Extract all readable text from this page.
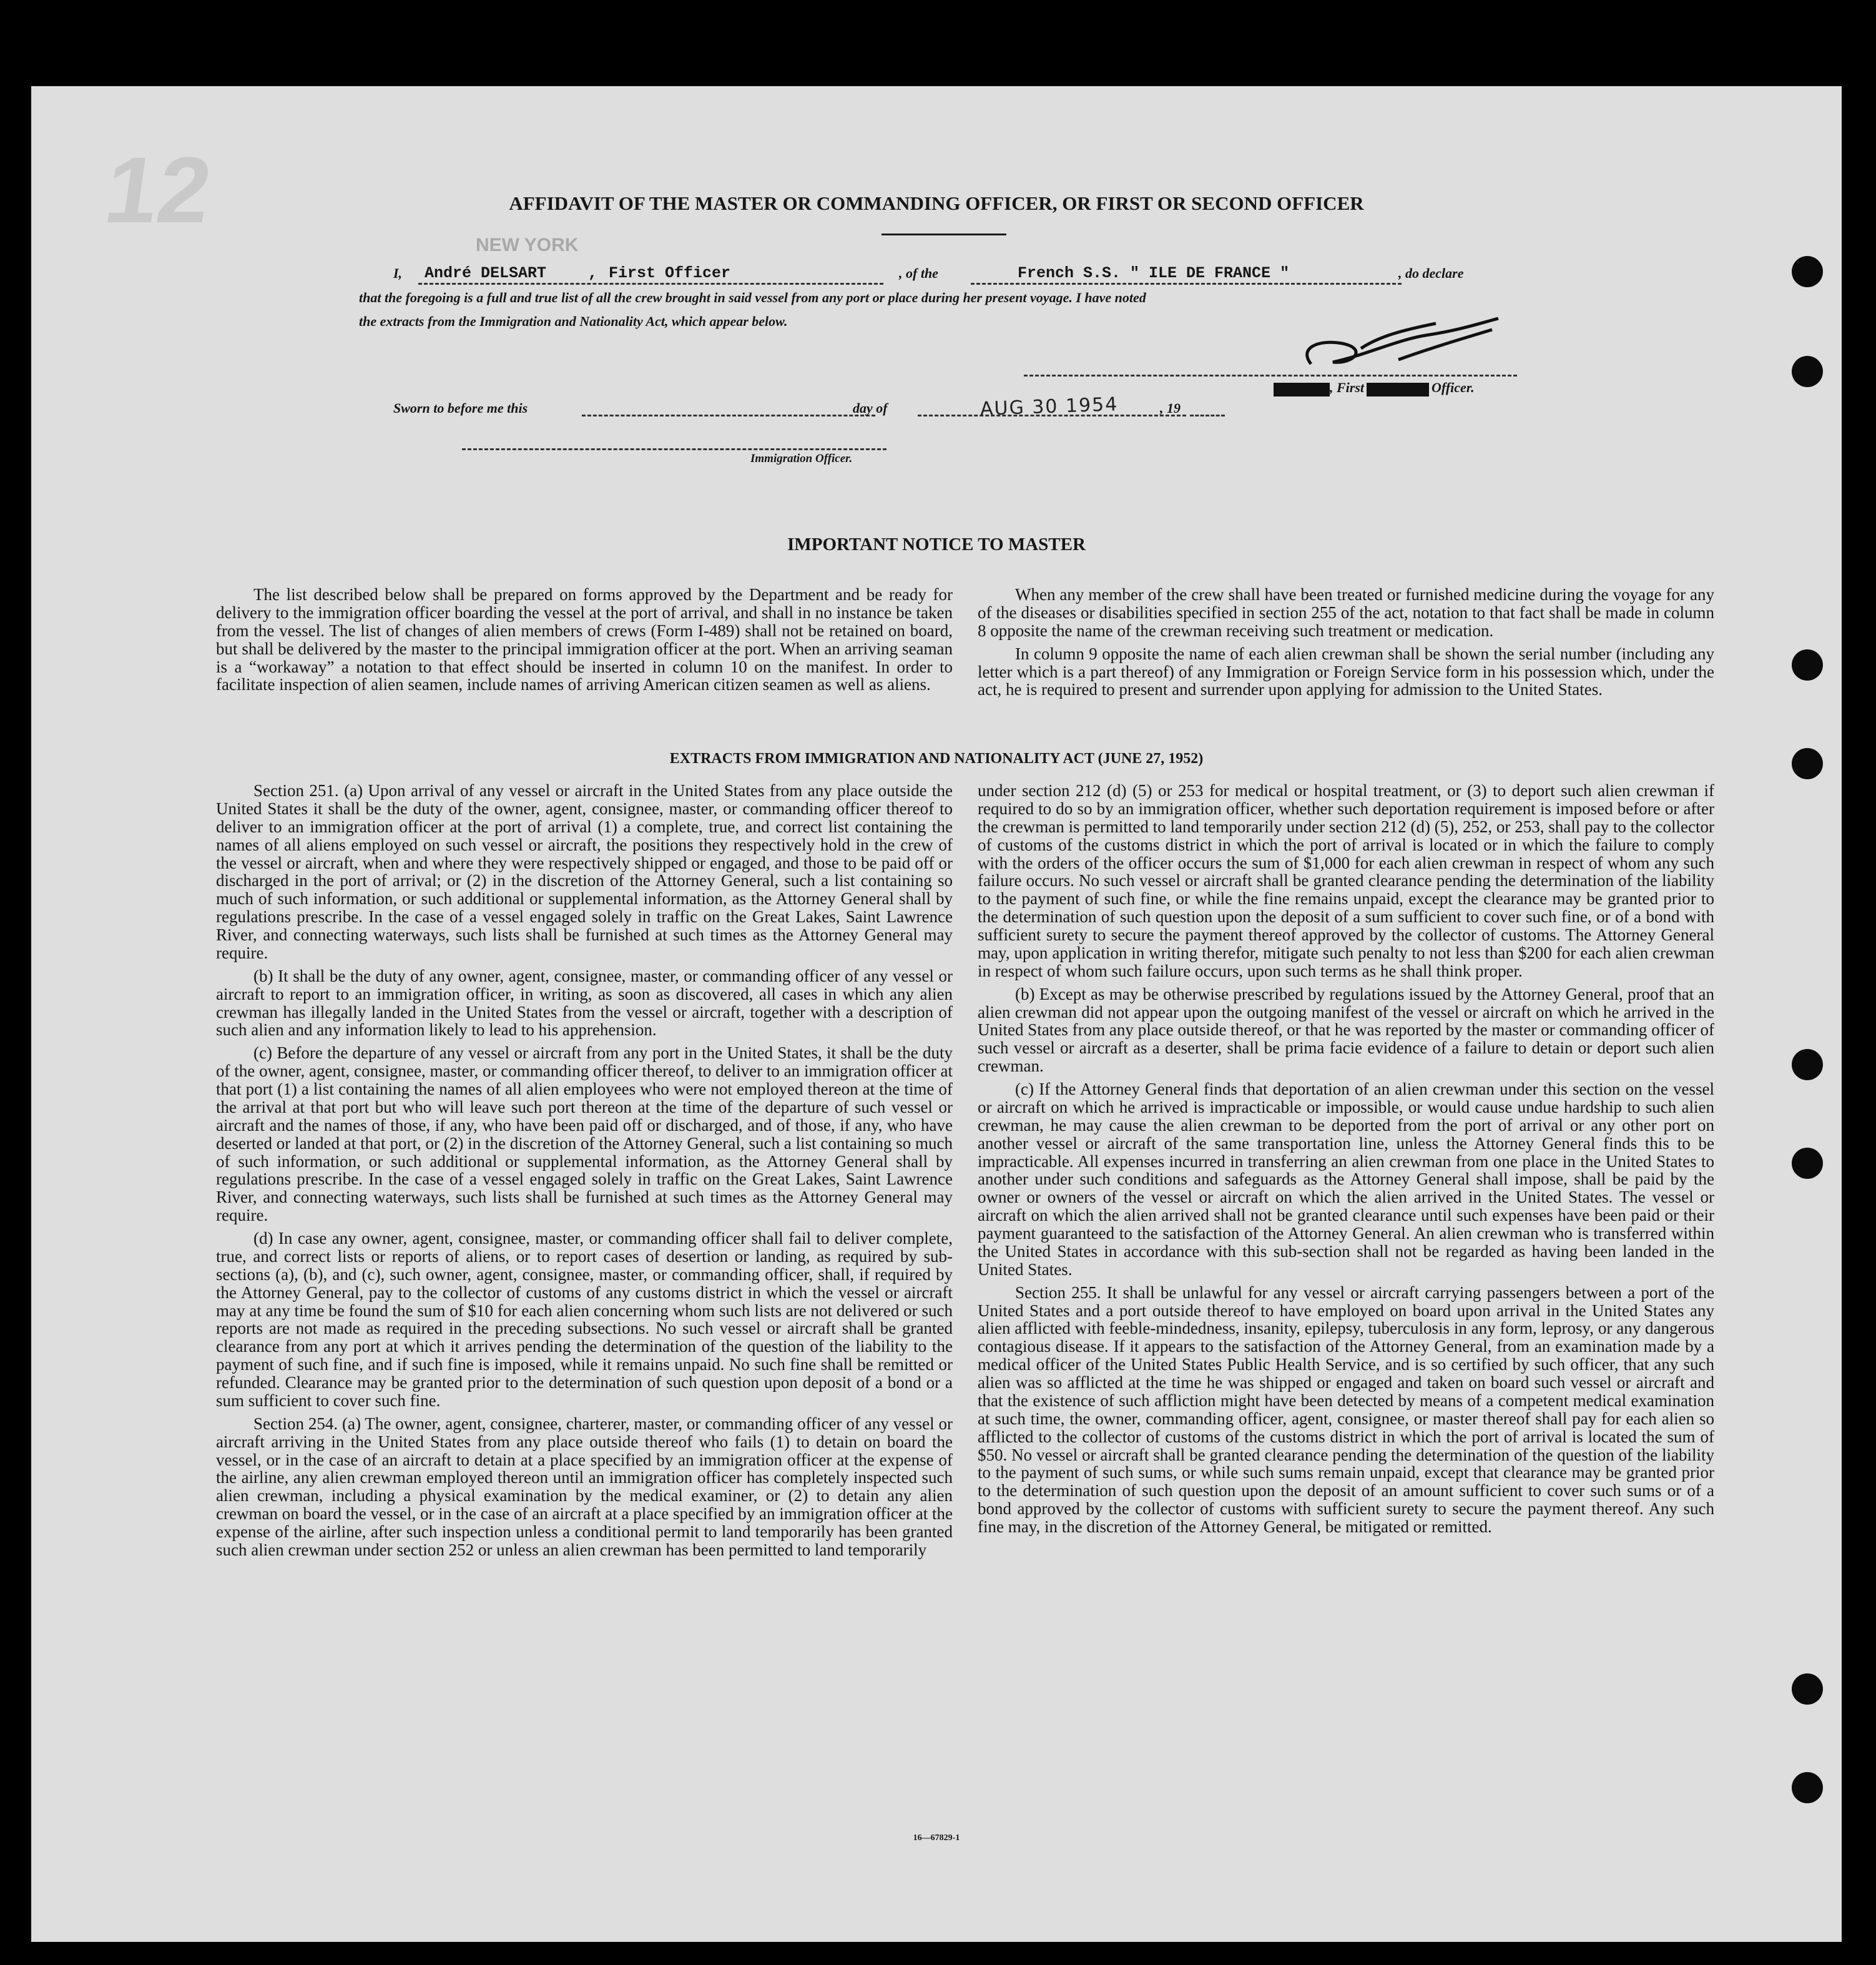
12	AFFIDAVIT OF THE MASTER OR COMMANDING OFFICER, OR FIRST OR SECOND OFFICER
NEW YORK
I, André DELSART	, First Officer	, of the	French S.S. " ILE DE FRANCE "	, do declare
that the foregoing is a full and true list of all the crew brought in said vessel from any port or place during her present voyage. I have noted
the extracts from the Immigration and Nationality Act, which appear below.
, First	Officer.
Sworn to before me this	day of	AUG 30 1954	, 19
Immigration Officer.
IMPORTANT NOTICE TO MASTER

The list described below shall be prepared on forms approved by the Department and be ready for delivery to the immigration officer boarding the vessel at the port of arrival, and shall in no instance be taken from the vessel. The list of changes of alien members of crews (Form I-489) shall not be retained on board, but shall be delivered by the master to the principal immigration officer at the port. When an arriving seaman is a “workaway” a notation to that effect should be inserted in column 10 on the manifest. In order to facilitate inspection of alien seamen, include names of arriving American citizen seamen as well as aliens.

When any member of the crew shall have been treated or furnished medicine during the voyage for any of the diseases or disabilities specified in section 255 of the act, notation to that fact shall be made in column 8 opposite the name of the crewman receiving such treatment or medication.

In column 9 opposite the name of each alien crewman shall be shown the serial number (including any letter which is a part thereof) of any Immigration or Foreign Service form in his possession which, under the act, he is required to present and surrender upon applying for admission to the United States.

EXTRACTS FROM IMMIGRATION AND NATIONALITY ACT (JUNE 27, 1952)

Section 251. (a) Upon arrival of any vessel or aircraft in the United States from any place outside the United States it shall be the duty of the owner, agent, consignee, master, or commanding officer thereof to deliver to an immigration officer at the port of arrival (1) a complete, true, and correct list containing the names of all aliens employed on such vessel or aircraft, the positions they respectively hold in the crew of the vessel or aircraft, when and where they were respectively shipped or engaged, and those to be paid off or discharged in the port of arrival; or (2) in the discretion of the Attorney General, such a list containing so much of such information, or such additional or supplemental information, as the Attorney General shall by regulations prescribe. In the case of a vessel engaged solely in traffic on the Great Lakes, Saint Lawrence River, and connecting waterways, such lists shall be furnished at such times as the Attorney General may require.

(b) It shall be the duty of any owner, agent, consignee, master, or commanding officer of any vessel or aircraft to report to an immigration officer, in writing, as soon as discovered, all cases in which any alien crewman has illegally landed in the United States from the vessel or aircraft, together with a description of such alien and any information likely to lead to his apprehension.

(c) Before the departure of any vessel or aircraft from any port in the United States, it shall be the duty of the owner, agent, consignee, master, or commanding officer thereof, to deliver to an immigration officer at that port (1) a list containing the names of all alien employees who were not employed thereon at the time of the arrival at that port but who will leave such port thereon at the time of the departure of such vessel or aircraft and the names of those, if any, who have been paid off or discharged, and of those, if any, who have deserted or landed at that port, or (2) in the discretion of the Attorney General, such a list containing so much of such information, or such additional or supplemental information, as the Attorney General shall by regulations prescribe. In the case of a vessel engaged solely in traffic on the Great Lakes, Saint Lawrence River, and connecting waterways, such lists shall be furnished at such times as the Attorney General may require.

(d) In case any owner, agent, consignee, master, or commanding officer shall fail to deliver complete, true, and correct lists or reports of aliens, or to report cases of desertion or landing, as required by sub-sections (a), (b), and (c), such owner, agent, consignee, master, or commanding officer, shall, if required by the Attorney General, pay to the collector of customs of any customs district in which the vessel or aircraft may at any time be found the sum of $10 for each alien concerning whom such lists are not delivered or such reports are not made as required in the preceding subsections. No such vessel or aircraft shall be granted clearance from any port at which it arrives pending the determination of the question of the liability to the payment of such fine, and if such fine is imposed, while it remains unpaid. No such fine shall be remitted or refunded. Clearance may be granted prior to the determination of such question upon deposit of a bond or a sum sufficient to cover such fine.

Section 254. (a) The owner, agent, consignee, charterer, master, or commanding officer of any vessel or aircraft arriving in the United States from any place outside thereof who fails (1) to detain on board the vessel, or in the case of an aircraft to detain at a place specified by an immigration officer at the expense of the airline, any alien crewman employed thereon until an immigration officer has completely inspected such alien crewman, including a physical examination by the medical examiner, or (2) to detain any alien crewman on board the vessel, or in the case of an aircraft at a place specified by an immigration officer at the expense of the airline, after such inspection unless a conditional permit to land temporarily has been granted such alien crewman under section 252 or unless an alien crewman has been permitted to land temporarily

under section 212 (d) (5) or 253 for medical or hospital treatment, or (3) to deport such alien crewman if required to do so by an immigration officer, whether such deportation requirement is imposed before or after the crewman is permitted to land temporarily under section 212 (d) (5), 252, or 253, shall pay to the collector of customs of the customs district in which the port of arrival is located or in which the failure to comply with the orders of the officer occurs the sum of $1,000 for each alien crewman in respect of whom any such failure occurs. No such vessel or aircraft shall be granted clearance pending the determination of the liability to the payment of such fine, or while the fine remains unpaid, except the clearance may be granted prior to the determination of such question upon the deposit of a sum sufficient to cover such fine, or of a bond with sufficient surety to secure the payment thereof approved by the collector of customs. The Attorney General may, upon application in writing therefor, mitigate such penalty to not less than $200 for each alien crewman in respect of whom such failure occurs, upon such terms as he shall think proper.

(b) Except as may be otherwise prescribed by regulations issued by the Attorney General, proof that an alien crewman did not appear upon the outgoing manifest of the vessel or aircraft on which he arrived in the United States from any place outside thereof, or that he was reported by the master or commanding officer of such vessel or aircraft as a deserter, shall be prima facie evidence of a failure to detain or deport such alien crewman.

(c) If the Attorney General finds that deportation of an alien crewman under this section on the vessel or aircraft on which he arrived is impracticable or impossible, or would cause undue hardship to such alien crewman, he may cause the alien crewman to be deported from the port of arrival or any other port on another vessel or aircraft of the same transportation line, unless the Attorney General finds this to be impracticable. All expenses incurred in transferring an alien crewman from one place in the United States to another under such conditions and safeguards as the Attorney General shall impose, shall be paid by the owner or owners of the vessel or aircraft on which the alien arrived in the United States. The vessel or aircraft on which the alien arrived shall not be granted clearance until such expenses have been paid or their payment guaranteed to the satisfaction of the Attorney General. An alien crewman who is transferred within the United States in accordance with this sub-section shall not be regarded as having been landed in the United States.

Section 255. It shall be unlawful for any vessel or aircraft carrying passengers between a port of the United States and a port outside thereof to have employed on board upon arrival in the United States any alien afflicted with feeble-mindedness, insanity, epilepsy, tuberculosis in any form, leprosy, or any dangerous contagious disease. If it appears to the satisfaction of the Attorney General, from an examination made by a medical officer of the United States Public Health Service, and is so certified by such officer, that any such alien was so afflicted at the time he was shipped or engaged and taken on board such vessel or aircraft and that the existence of such affliction might have been detected by means of a competent medical examination at such time, the owner, commanding officer, agent, consignee, or master thereof shall pay for each alien so afflicted to the collector of customs of the customs district in which the port of arrival is located the sum of $50. No vessel or aircraft shall be granted clearance pending the determination of the question of the liability to the payment of such sums, or while such sums remain unpaid, except that clearance may be granted prior to the determination of such question upon the deposit of an amount sufficient to cover such sums or of a bond approved by the collector of customs with sufficient surety to secure the payment thereof. Any such fine may, in the discretion of the Attorney General, be mitigated or remitted.

16—67829-1
